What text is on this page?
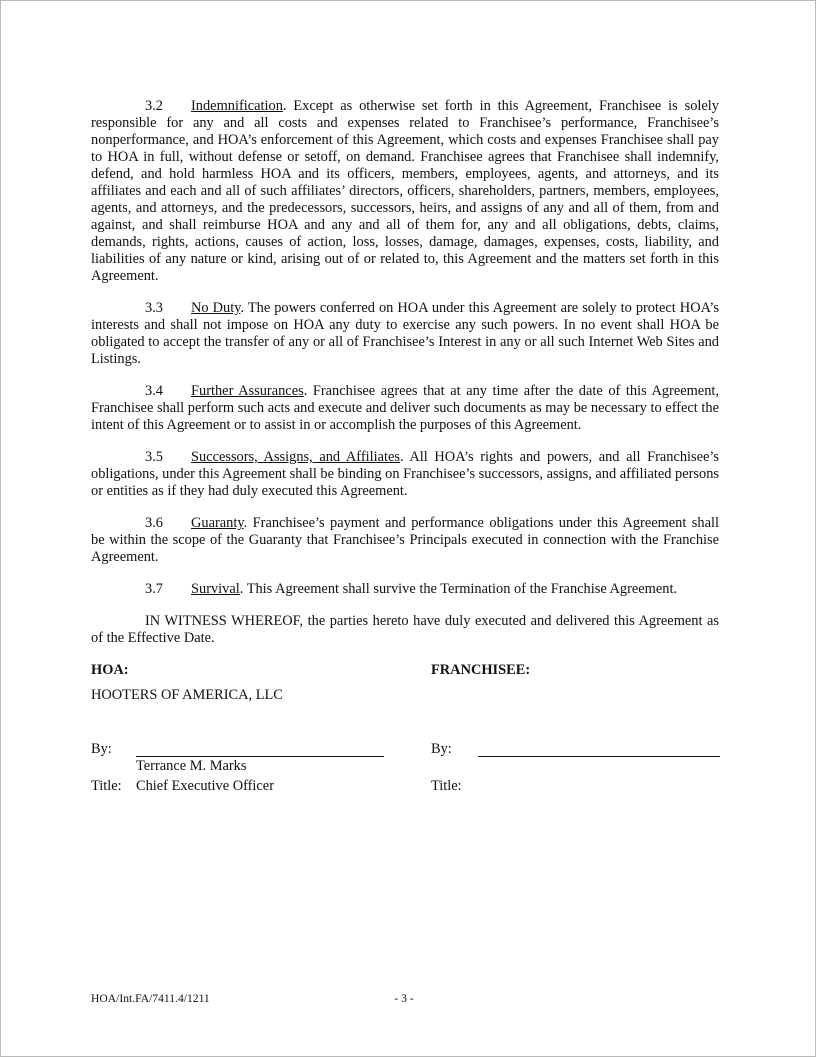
3.2 Indemnification. Except as otherwise set forth in this Agreement, Franchisee is solely responsible for any and all costs and expenses related to Franchisee’s performance, Franchisee’s nonperformance, and HOA’s enforcement of this Agreement, which costs and expenses Franchisee shall pay to HOA in full, without defense or setoff, on demand. Franchisee agrees that Franchisee shall indemnify, defend, and hold harmless HOA and its officers, members, employees, agents, and attorneys, and its affiliates and each and all of such affiliates’ directors, officers, shareholders, partners, members, employees, agents, and attorneys, and the predecessors, successors, heirs, and assigns of any and all of them, from and against, and shall reimburse HOA and any and all of them for, any and all obligations, debts, claims, demands, rights, actions, causes of action, loss, losses, damage, damages, expenses, costs, liability, and liabilities of any nature or kind, arising out of or related to, this Agreement and the matters set forth in this Agreement.

3.3 No Duty. The powers conferred on HOA under this Agreement are solely to protect HOA’s interests and shall not impose on HOA any duty to exercise any such powers. In no event shall HOA be obligated to accept the transfer of any or all of Franchisee’s Interest in any or all such Internet Web Sites and Listings.

3.4 Further Assurances. Franchisee agrees that at any time after the date of this Agreement, Franchisee shall perform such acts and execute and deliver such documents as may be necessary to effect the intent of this Agreement or to assist in or accomplish the purposes of this Agreement.

3.5 Successors, Assigns, and Affiliates. All HOA’s rights and powers, and all Franchisee’s obligations, under this Agreement shall be binding on Franchisee’s successors, assigns, and affiliated persons or entities as if they had duly executed this Agreement.

3.6 Guaranty. Franchisee’s payment and performance obligations under this Agreement shall be within the scope of the Guaranty that Franchisee’s Principals executed in connection with the Franchise Agreement.

3.7 Survival. This Agreement shall survive the Termination of the Franchise Agreement.

IN WITNESS WHEREOF, the parties hereto have duly executed and delivered this Agreement as of the Effective Date.

HOA:	FRANCHISEE:

HOOTERS OF AMERICA, LLC

By:
Terrance M. Marks
Title: Chief Executive Officer
By:
Title:
HOA/Int.FA/7411.4/1211	- 3 -
